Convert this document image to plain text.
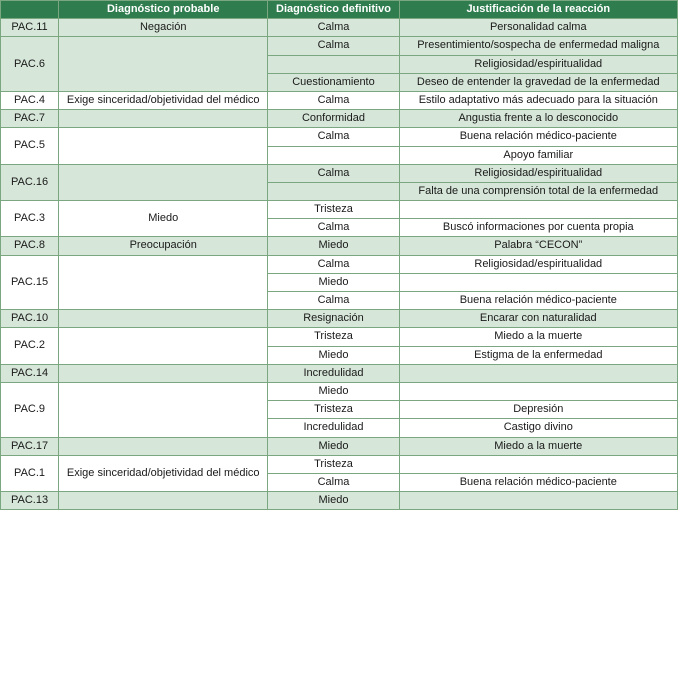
	Diagnóstico probable	Diagnóstico definitivo	Justificación de la reacción
PAC.11	Negación	Calma	Personalidad calma
PAC.6		Calma	Presentimiento/sospecha de enfermedad maligna
			Religiosidad/espiritualidad
		Cuestionamiento	Deseo de entender la gravedad de la enfermedad
PAC.4	Exige sinceridad/objetividad del médico	Calma	Estilo adaptativo más adecuado para la situación
PAC.7		Conformidad	Angustia frente a lo desconocido
PAC.5		Calma	Buena relación médico-paciente
			Apoyo familiar
PAC.16		Calma	Religiosidad/espiritualidad
			Falta de una comprensión total de la enfermedad
PAC.3	Miedo	Tristeza	
		Calma	Buscó informaciones por cuenta propia
PAC.8	Preocupación	Miedo	Palabra “CECON”
PAC.15		Calma	Religiosidad/espiritualidad
		Miedo	
		Calma	Buena relación médico-paciente
PAC.10		Resignación	Encarar con naturalidad
PAC.2		Tristeza	Miedo a la muerte
		Miedo	Estigma de la enfermedad
PAC.14		Incredulidad	
PAC.9		Miedo	
		Tristeza	Depresión
		Incredulidad	Castigo divino
PAC.17		Miedo	Miedo a la muerte
PAC.1	Exige sinceridad/objetividad del médico	Tristeza	
		Calma	Buena relación médico-paciente
PAC.13		Miedo	
